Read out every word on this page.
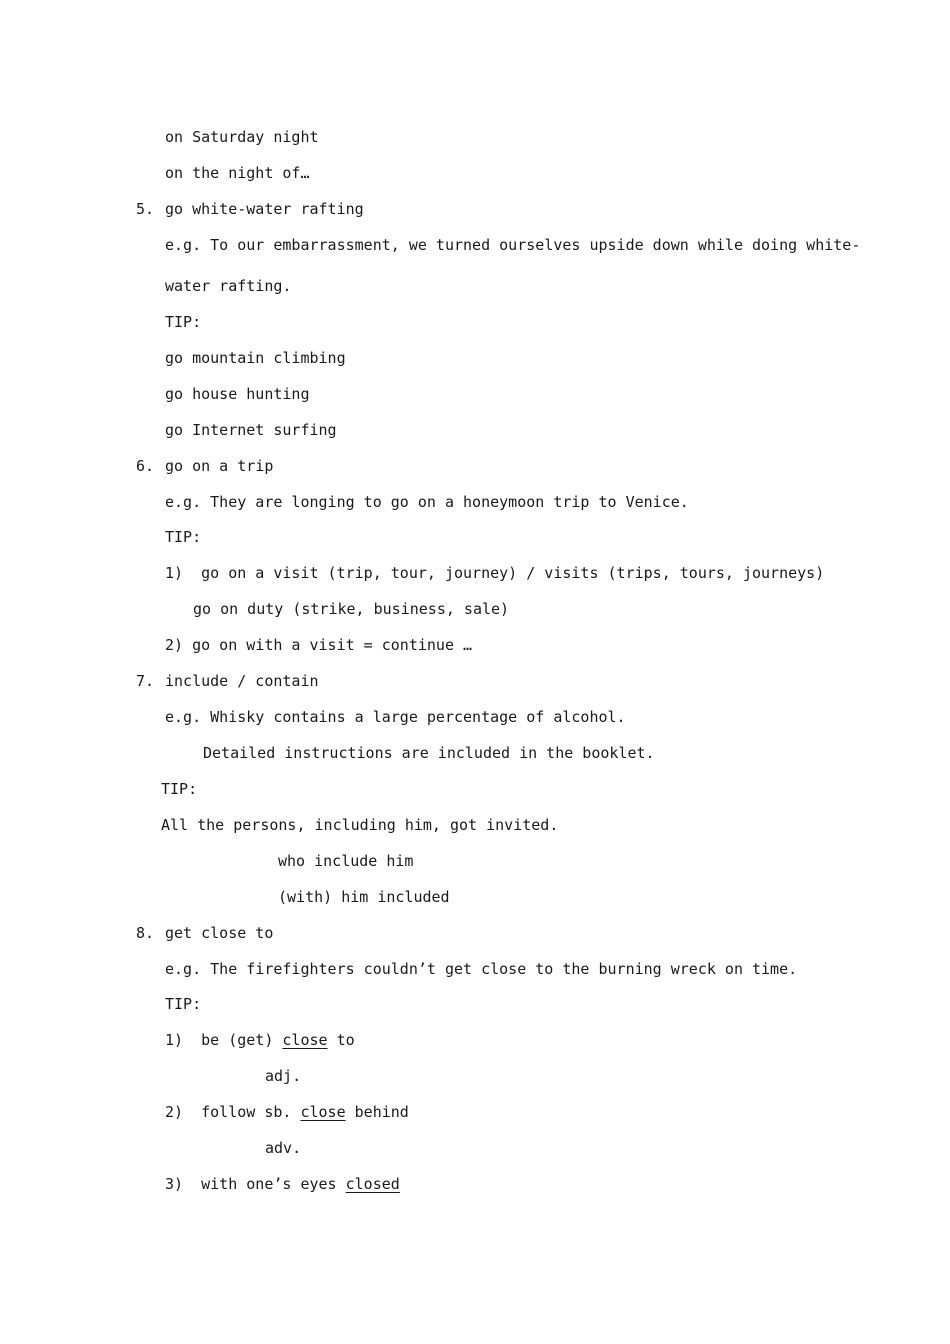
on Saturday night
on the night of…
5. go white-water rafting
e.g. To our embarrassment, we turned ourselves upside down while doing white-
water rafting.
TIP:
go mountain climbing
go house hunting
go Internet surfing
6. go on a trip
e.g. They are longing to go on a honeymoon trip to Venice.
TIP:
1)  go on a visit (trip, tour, journey) / visits (trips, tours, journeys)
go on duty (strike, business, sale)
2) go on with a visit = continue …
7. include / contain
e.g. Whisky contains a large percentage of alcohol.
Detailed instructions are included in the booklet.
TIP:
All the persons, including him, got invited.
who include him
(with) him included
8. get close to
e.g. The firefighters couldn’t get close to the burning wreck on time.
TIP:
1)  be (get) close to
adj.
2)  follow sb. close behind
adv.
3)  with one’s eyes closed
